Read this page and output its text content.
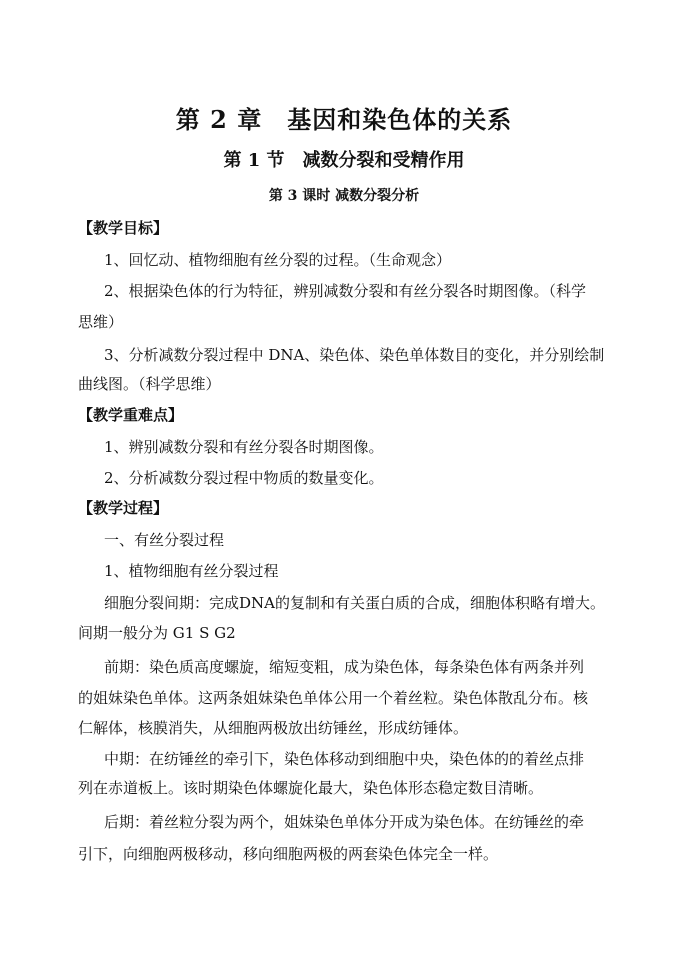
第 2 章　基因和染色体的关系
第 1 节　减数分裂和受精作用
第 3 课时 减数分裂分析
【教学目标】
1、回忆动、植物细胞有丝分裂的过程。（生命观念）
2、根据染色体的行为特征，辨别减数分裂和有丝分裂各时期图像。（科学
思维）
3、分析减数分裂过程中 DNA、染色体、染色单体数目的变化，并分别绘制
曲线图。（科学思维）
【教学重难点】
1、辨别减数分裂和有丝分裂各时期图像。
2、分析减数分裂过程中物质的数量变化。
【教学过程】
一、有丝分裂过程
1、植物细胞有丝分裂过程
细胞分裂间期：完成DNA的复制和有关蛋白质的合成，细胞体积略有增大。
间期一般分为 G1 S G2
前期：染色质高度螺旋，缩短变粗，成为染色体，每条染色体有两条并列
的姐妹染色单体。这两条姐妹染色单体公用一个着丝粒。染色体散乱分布。核
仁解体，核膜消失，从细胞两极放出纺锤丝，形成纺锤体。
中期：在纺锤丝的牵引下，染色体移动到细胞中央，染色体的的着丝点排
列在赤道板上。该时期染色体螺旋化最大，染色体形态稳定数目清晰。
后期：着丝粒分裂为两个，姐妹染色单体分开成为染色体。在纺锤丝的牵
引下，向细胞两极移动，移向细胞两极的两套染色体完全一样。
